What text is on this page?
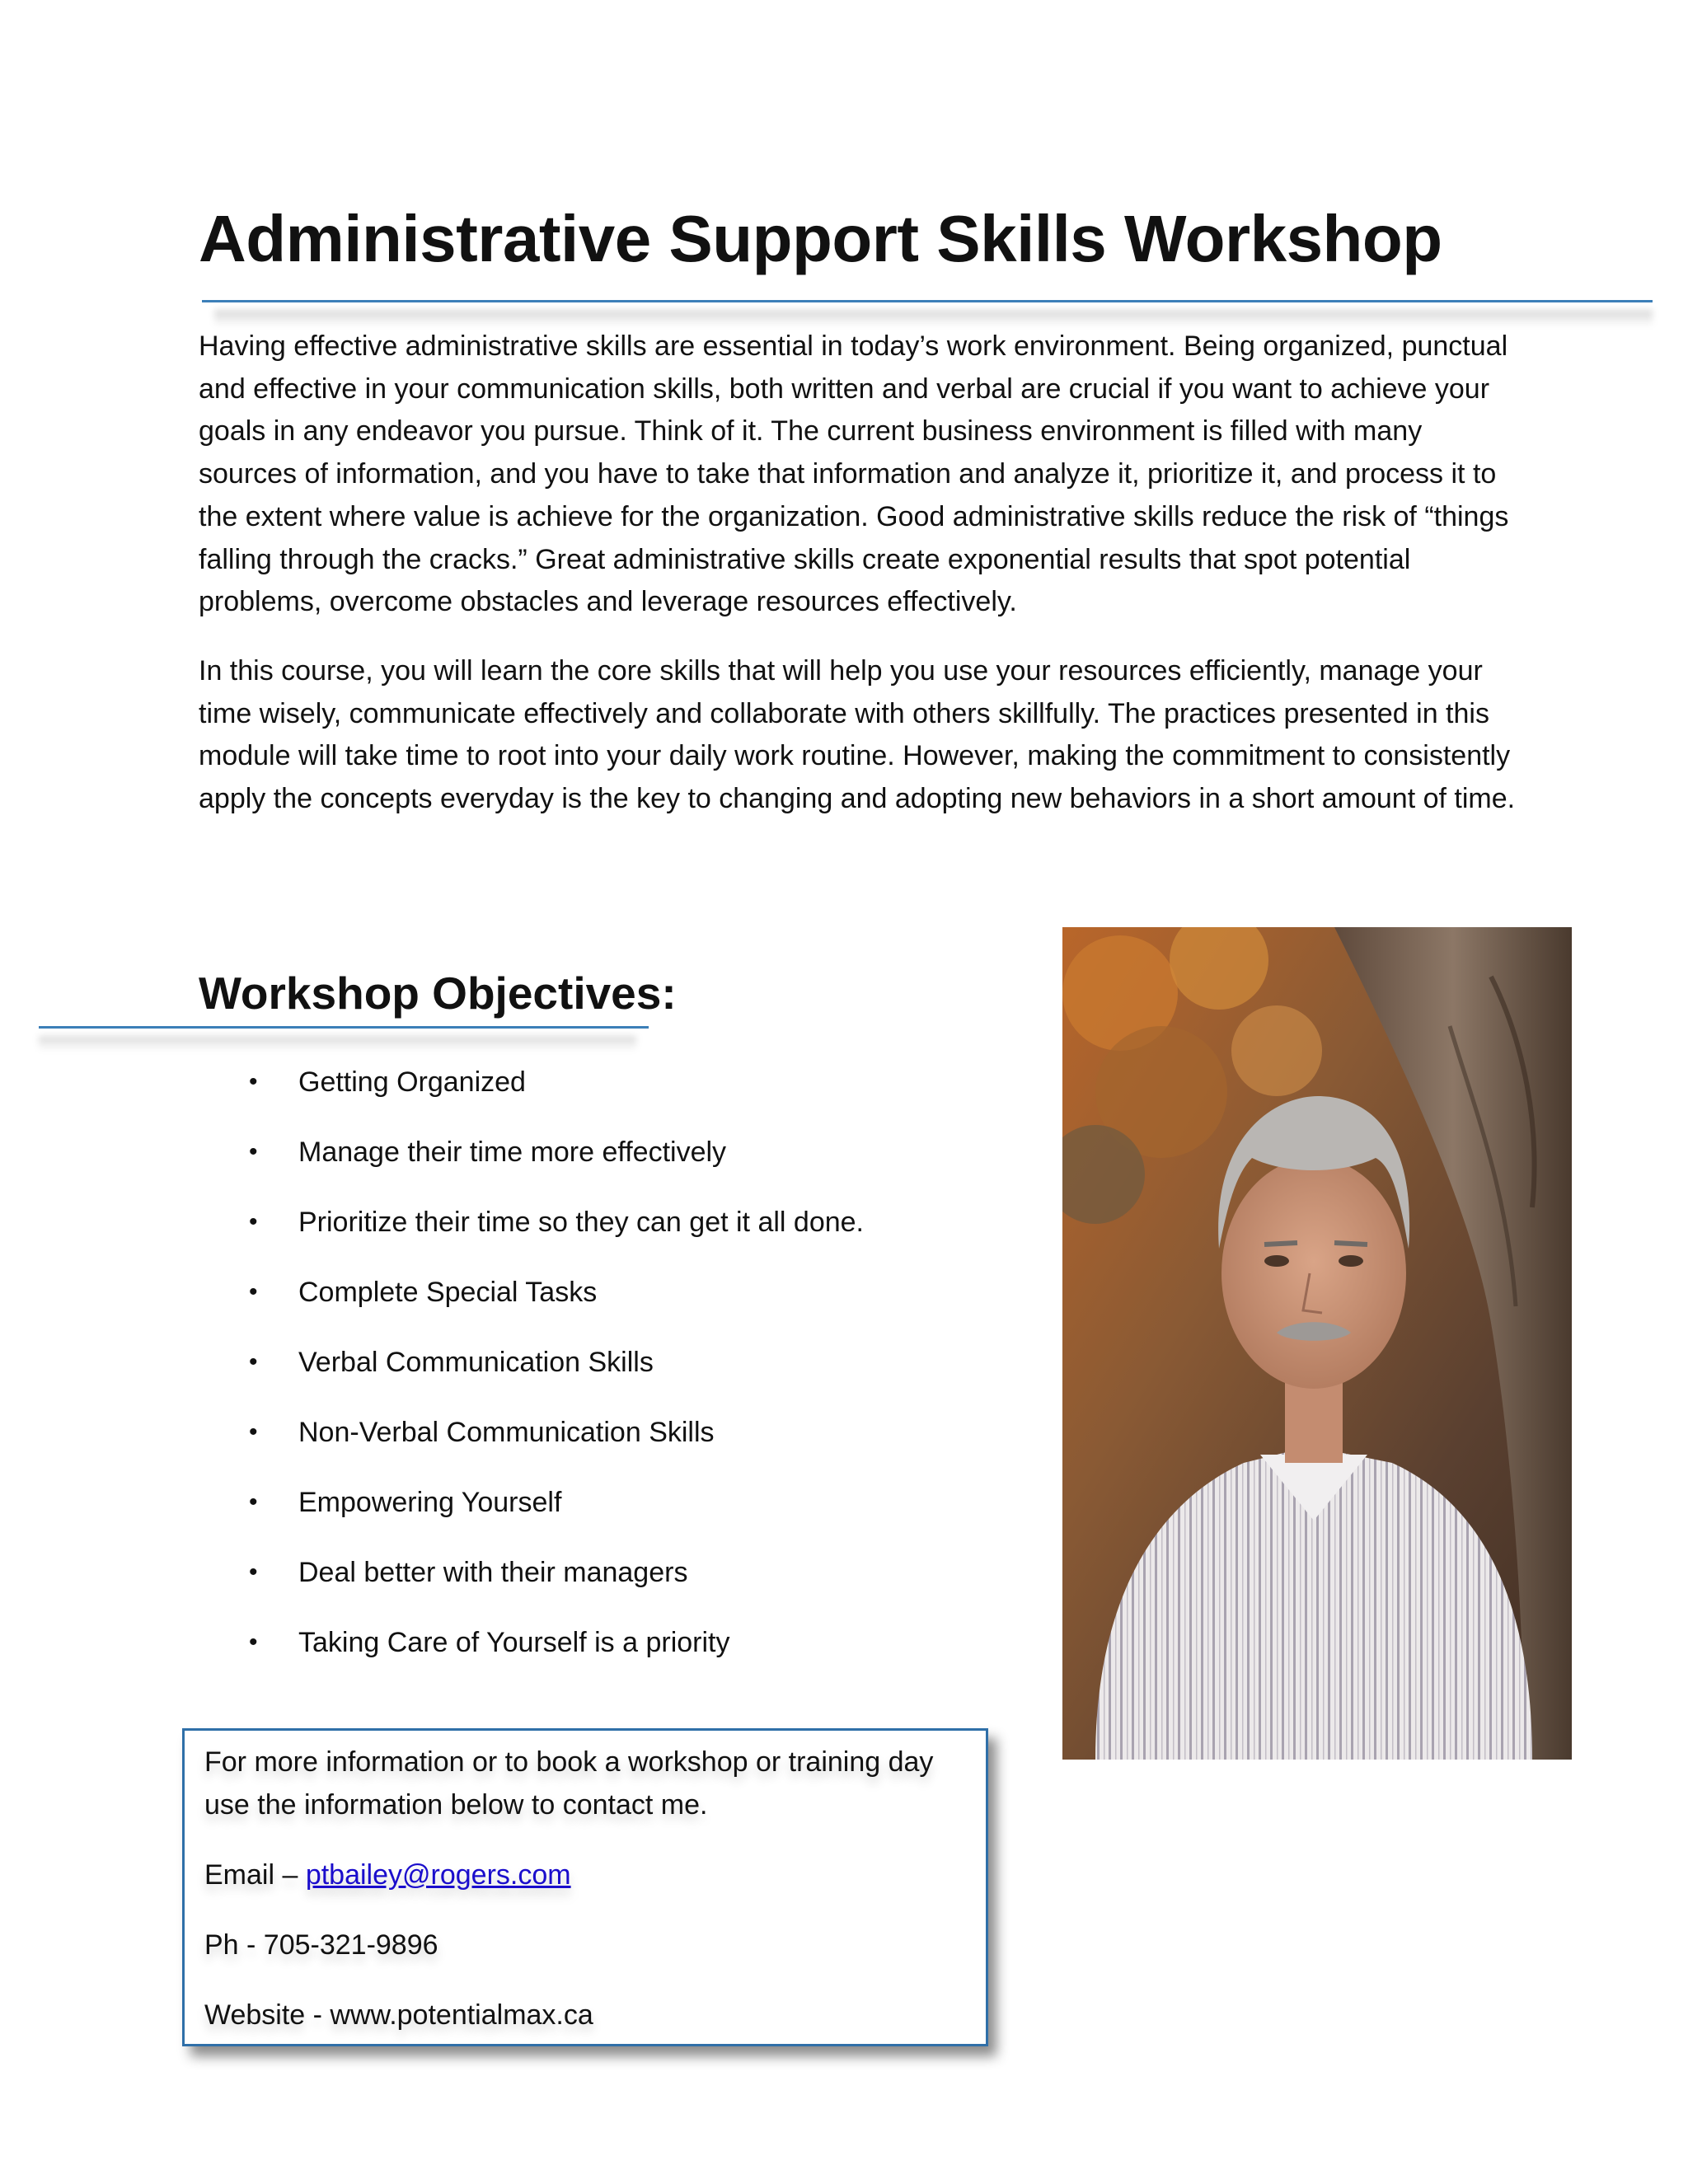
Administrative Support Skills Workshop

Having effective administrative skills are essential in today’s work environment. Being organized, punctual and effective in your communication skills, both written and verbal are crucial if you want to achieve your goals in any endeavor you pursue. Think of it. The current business environment is filled with many sources of information, and you have to take that information and analyze it, prioritize it, and process it to the extent where value is achieve for the organization. Good administrative skills reduce the risk of “things falling through the cracks.” Great administrative skills create exponential results that spot potential problems, overcome obstacles and leverage resources effectively.

In this course, you will learn the core skills that will help you use your resources efficiently, manage your time wisely, communicate effectively and collaborate with others skillfully. The practices presented in this module will take time to root into your daily work routine. However, making the commitment to consistently apply the concepts everyday is the key to changing and adopting new behaviors in a short amount of time.

Workshop Objectives:
•	Getting Organized
•	Manage their time more effectively
•	Prioritize their time so they can get it all done.
•	Complete Special Tasks
•	Verbal Communication Skills
•	Non-Verbal Communication Skills
•	Empowering Yourself
•	Deal better with their managers
•	Taking Care of Yourself is a priority

For more information or to book a workshop or training day

use the information below to contact me.

Email – ptbailey@rogers.com

Ph - 705-321-9896

Website - www.potentialmax.ca
